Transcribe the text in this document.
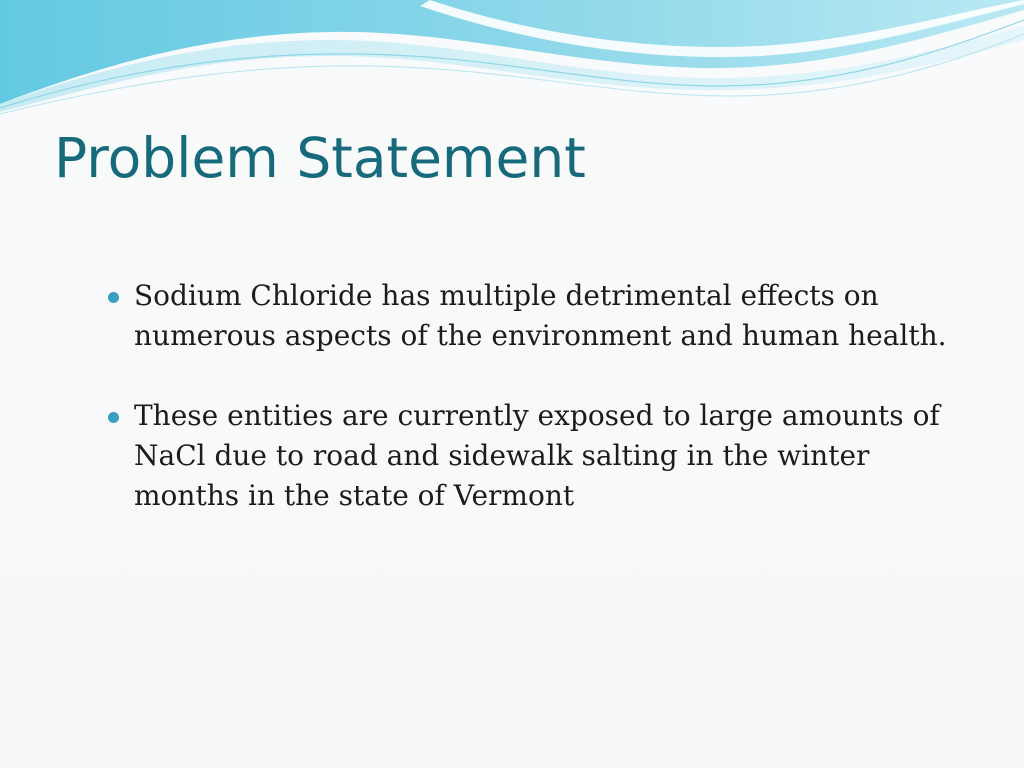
Problem Statement
Sodium Chloride has multiple detrimental effects on numerous aspects of the environment and human health.
These entities are currently exposed to large amounts of NaCl due to road and sidewalk salting in the winter months in the state of Vermont
